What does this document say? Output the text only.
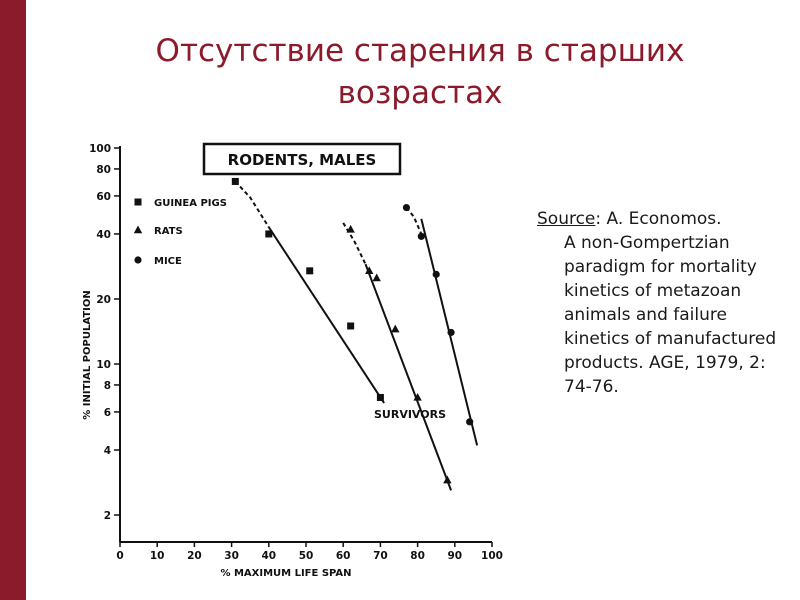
Отсутствие старения в старших
возрастах
0 10 20 30 40 50 60 70 80 90 100
2
4
6
8
10
20
40
60
80
100
% MAXIMUM LIFE SPAN
% INITIAL POPULATION
RODENTS, MALES
GUINEA PIGS
RATS
MICE
SURVIVORS
Source: A. Economos.
A non-Gompertzian paradigm for mortality kinetics of metazoan animals and failure kinetics of manufactured products. AGE, 1979, 2: 74-76.
